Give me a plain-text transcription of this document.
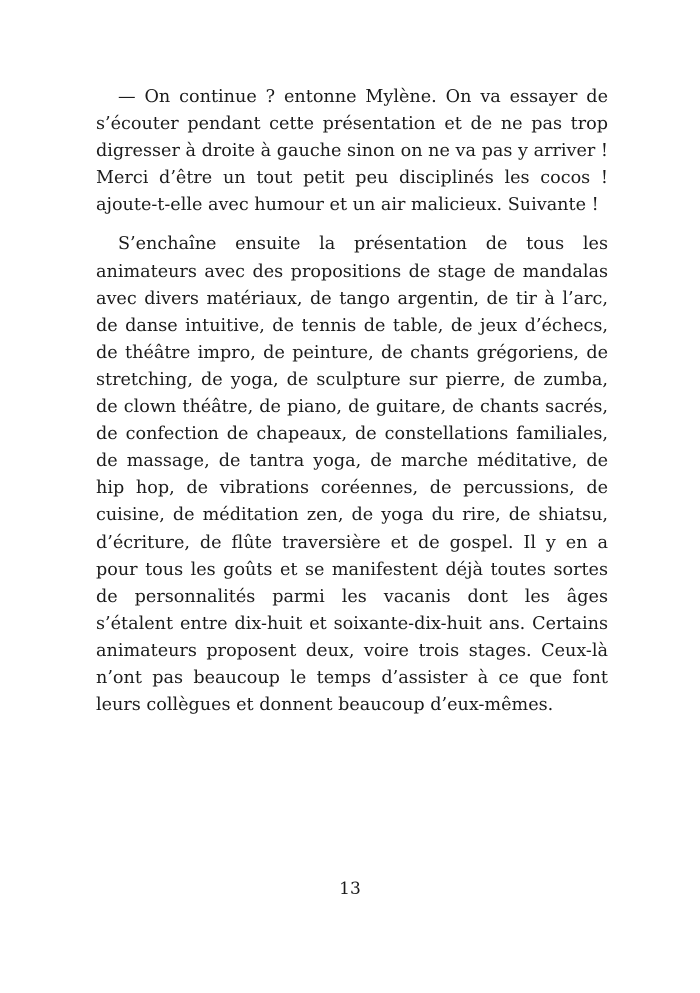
— On continue ? entonne Mylène. On va essayer de s’écouter pendant cette présentation et de ne pas trop digresser à droite à gauche sinon on ne va pas y arriver ! Merci d’être un tout petit peu disciplinés les cocos ! ajoute-t-elle avec humour et un air malicieux. Suivante !

S’enchaîne ensuite la présentation de tous les animateurs avec des propositions de stage de mandalas avec divers matériaux, de tango argentin, de tir à l’arc, de danse intuitive, de tennis de table, de jeux d’échecs, de théâtre impro, de peinture, de chants grégoriens, de stretching, de yoga, de sculpture sur pierre, de zumba, de clown théâtre, de piano, de guitare, de chants sacrés, de confection de chapeaux, de constellations familiales, de massage, de tantra yoga, de marche méditative, de hip hop, de vibrations coréennes, de percussions, de cuisine, de méditation zen, de yoga du rire, de shiatsu, d’écriture, de flûte traversière et de gospel. Il y en a pour tous les goûts et se manifestent déjà toutes sortes de personnalités parmi les vacanis dont les âges s’étalent entre dix-huit et soixante-dix-huit ans. Certains animateurs proposent deux, voire trois stages. Ceux-là n’ont pas beaucoup le temps d’assister à ce que font leurs collègues et donnent beaucoup d’eux-mêmes.

13
